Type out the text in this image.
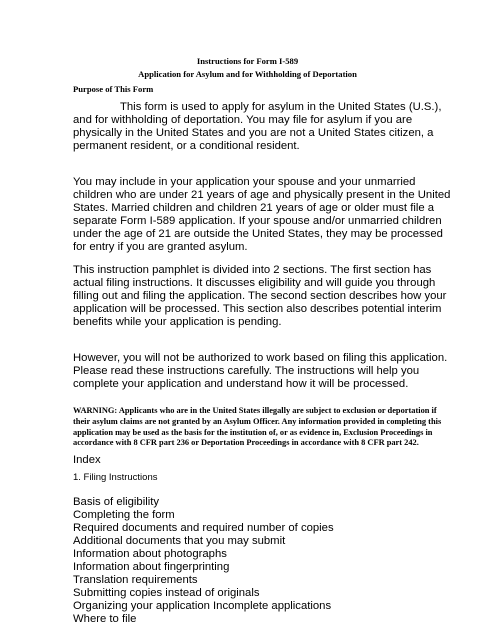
Instructions for Form I-589
Application for Asylum and for Withholding of Deportation
Purpose of This Form
This form is used to apply for asylum in the United States (U.S.), and for withholding of deportation. You may file for asylum if you are physically in the United States and you are not a United States citizen, a permanent resident, or a conditional resident.
You may include in your application your spouse and your unmarried children who are under 21 years of age and physically present in the United States. Married children and children 21 years of age or older must file a separate Form I-589 application. If your spouse and/or unmarried children under the age of 21 are outside the United States, they may be processed for entry if you are granted asylum.
This instruction pamphlet is divided into 2 sections. The first section has actual filing instructions. It discusses eligibility and will guide you through filling out and filing the application. The second section describes how your application will be processed. This section also describes potential interim benefits while your application is pending.
However, you will not be authorized to work based on filing this application. Please read these instructions carefully. The instructions will help you complete your application and understand how it will be processed.
WARNING: Applicants who are in the United States illegally are subject to exclusion or deportation if their asylum claims are not granted by an Asylum Officer. Any information provided in completing this application may be used as the basis for the institution of, or as evidence in, Exclusion Proceedings in accordance with 8 CFR part 236 or Deportation Proceedings in accordance with 8 CFR part 242.
Index
1. Filing Instructions
Basis of eligibility
Completing the form
Required documents and required number of copies
Additional documents that you may submit
Information about photographs
Information about fingerprinting
Translation requirements
Submitting copies instead of originals
Organizing your application Incomplete applications
Where to file
